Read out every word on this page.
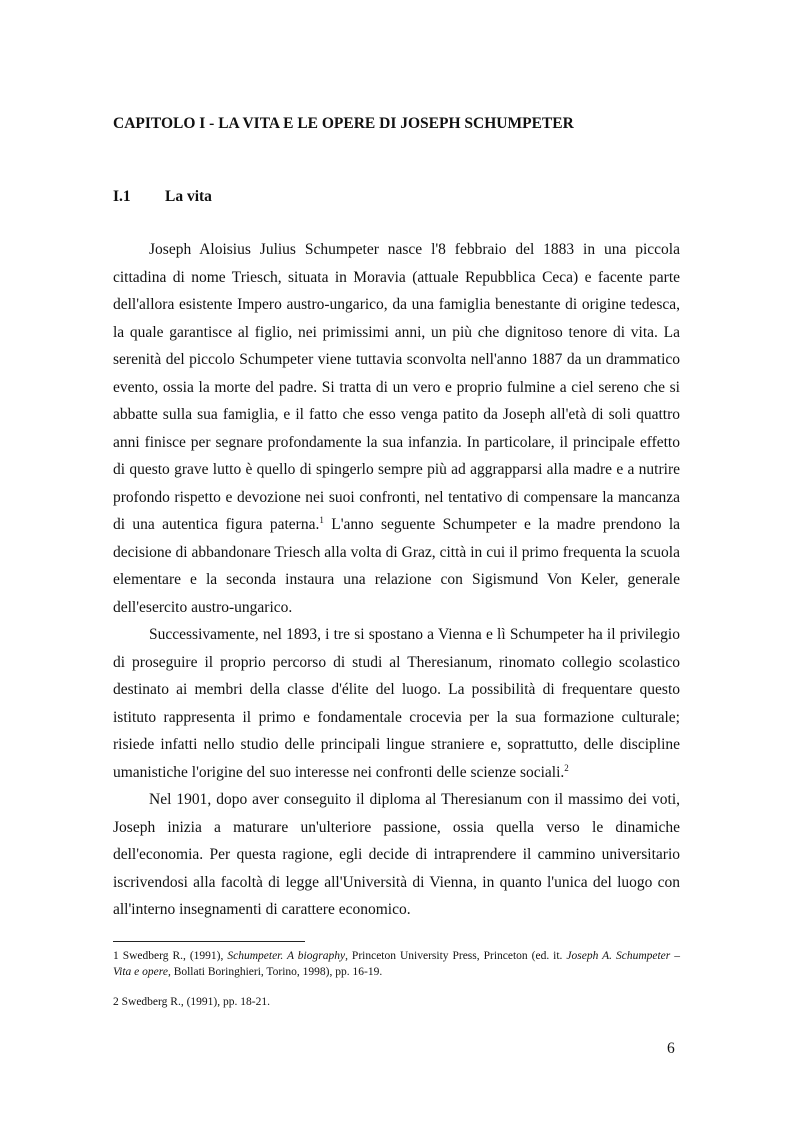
CAPITOLO I - LA VITA E LE OPERE DI JOSEPH SCHUMPETER
I.1 La vita

Joseph Aloisius Julius Schumpeter nasce l'8 febbraio del 1883 in una piccola cittadina di nome Triesch, situata in Moravia (attuale Repubblica Ceca) e facente parte dell'allora esistente Impero austro-ungarico, da una famiglia benestante di origine tedesca, la quale garantisce al figlio, nei primissimi anni, un più che dignitoso tenore di vita. La serenità del piccolo Schumpeter viene tuttavia sconvolta nell'anno 1887 da un drammatico evento, ossia la morte del padre. Si tratta di un vero e proprio fulmine a ciel sereno che si abbatte sulla sua famiglia, e il fatto che esso venga patito da Joseph all'età di soli quattro anni finisce per segnare profondamente la sua infanzia. In particolare, il principale effetto di questo grave lutto è quello di spingerlo sempre più ad aggrapparsi alla madre e a nutrire profondo rispetto e devozione nei suoi confronti, nel tentativo di compensare la mancanza di una autentica figura paterna.$^1$ L'anno seguente Schumpeter e la madre prendono la decisione di abbandonare Triesch alla volta di Graz, città in cui il primo frequenta la scuola elementare e la seconda instaura una relazione con Sigismund Von Keler, generale dell'esercito austro-ungarico.

Successivamente, nel 1893, i tre si spostano a Vienna e lì Schumpeter ha il privilegio di proseguire il proprio percorso di studi al Theresianum, rinomato collegio scolastico destinato ai membri della classe d'élite del luogo. La possibilità di frequentare questo istituto rappresenta il primo e fondamentale crocevia per la sua formazione culturale; risiede infatti nello studio delle principali lingue straniere e, soprattutto, delle discipline umanistiche l'origine del suo interesse nei confronti delle scienze sociali.$^2$

Nel 1901, dopo aver conseguito il diploma al Theresianum con il massimo dei voti, Joseph inizia a maturare un'ulteriore passione, ossia quella verso le dinamiche dell'economia. Per questa ragione, egli decide di intraprendere il cammino universitario iscrivendosi alla facoltà di legge all'Università di Vienna, in quanto l'unica del luogo con all'interno insegnamenti di carattere economico.

1 Swedberg R., (1991), Schumpeter. A biography, Princeton University Press, Princeton (ed. it. Joseph A. Schumpeter – Vita e opere, Bollati Boringhieri, Torino, 1998), pp. 16-19.

2 Swedberg R., (1991), pp. 18-21.

6
